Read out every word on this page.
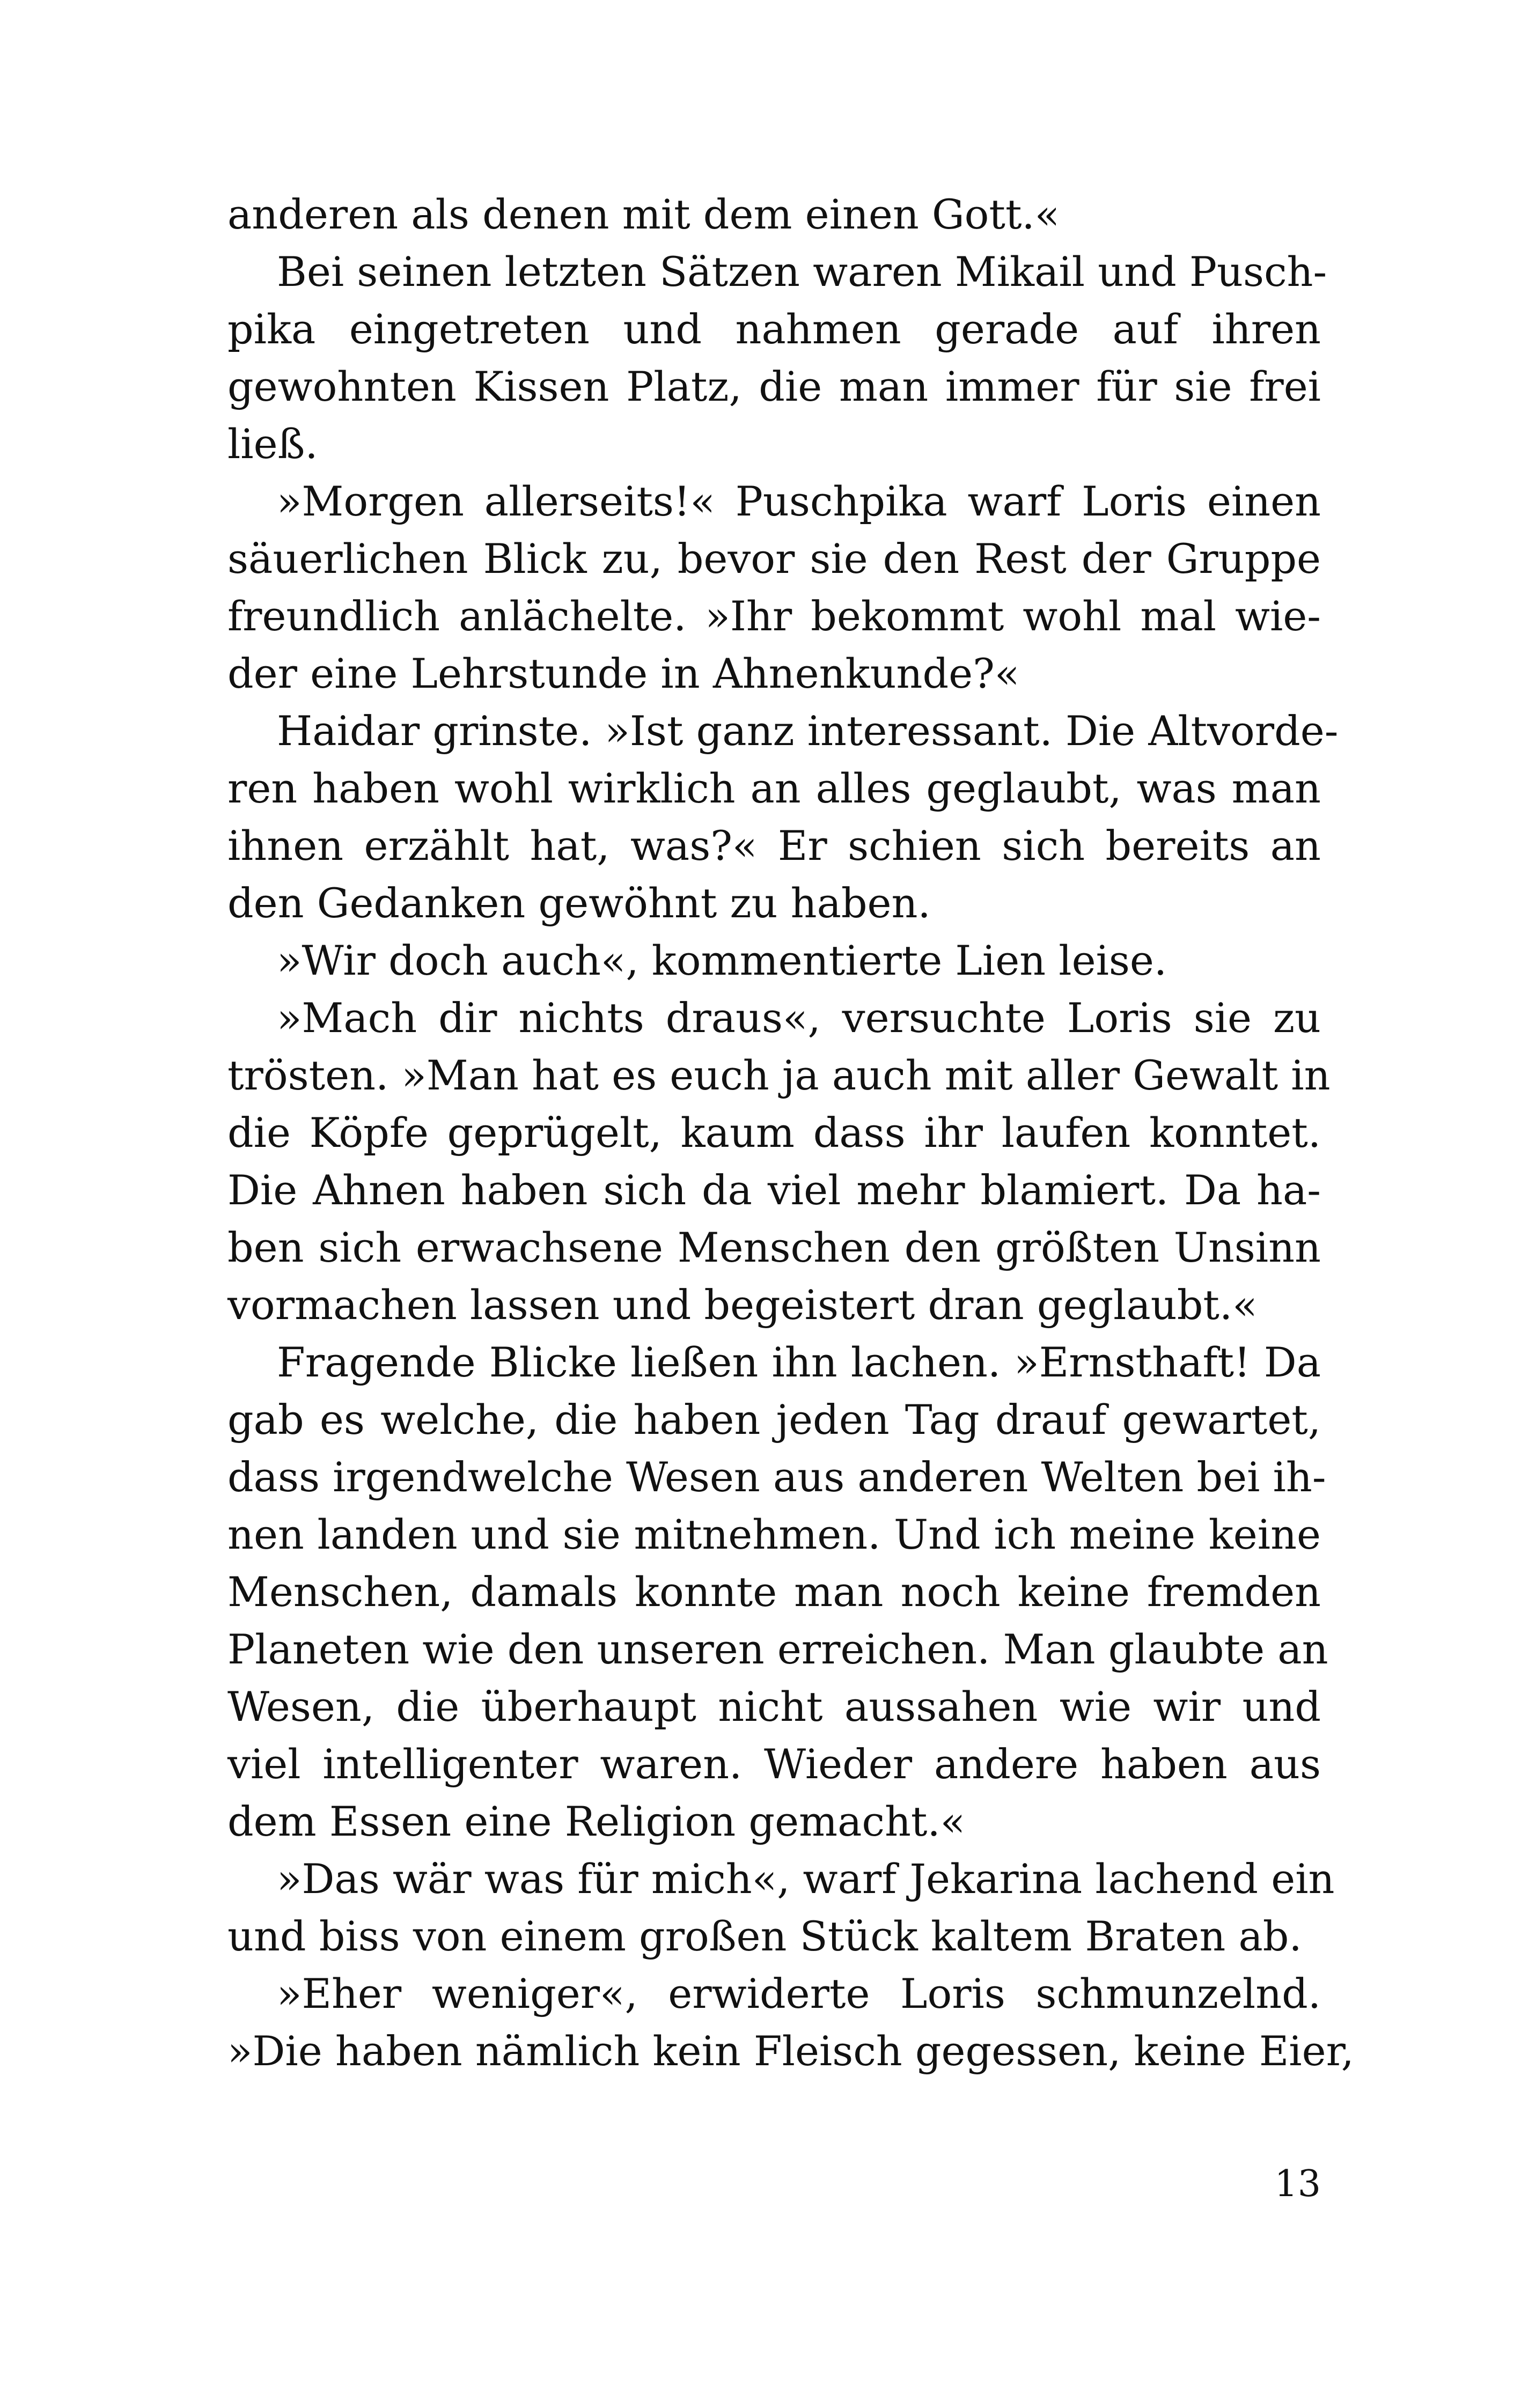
anderen als denen mit dem einen Gott.«
Bei seinen letzten Sätzen waren Mikail und Pusch-
pika eingetreten und nahmen gerade auf ihren
gewohnten Kissen Platz, die man immer für sie frei
ließ.
»Morgen allerseits!« Puschpika warf Loris einen
säuerlichen Blick zu, bevor sie den Rest der Gruppe
freundlich anlächelte. »Ihr bekommt wohl mal wie-
der eine Lehrstunde in Ahnenkunde?«
Haidar grinste. »Ist ganz interessant. Die Altvorde-
ren haben wohl wirklich an alles geglaubt, was man
ihnen erzählt hat, was?« Er schien sich bereits an
den Gedanken gewöhnt zu haben.
»Wir doch auch«, kommentierte Lien leise.
»Mach dir nichts draus«, versuchte Loris sie zu
trösten. »Man hat es euch ja auch mit aller Gewalt in
die Köpfe geprügelt, kaum dass ihr laufen konntet.
Die Ahnen haben sich da viel mehr blamiert. Da ha-
ben sich erwachsene Menschen den größten Unsinn
vormachen lassen und begeistert dran geglaubt.«
Fragende Blicke ließen ihn lachen. »Ernsthaft! Da
gab es welche, die haben jeden Tag drauf gewartet,
dass irgendwelche Wesen aus anderen Welten bei ih-
nen landen und sie mitnehmen. Und ich meine keine
Menschen, damals konnte man noch keine fremden
Planeten wie den unseren erreichen. Man glaubte an
Wesen, die überhaupt nicht aussahen wie wir und
viel intelligenter waren. Wieder andere haben aus
dem Essen eine Religion gemacht.«
»Das wär was für mich«, warf Jekarina lachend ein
und biss von einem großen Stück kaltem Braten ab.
»Eher weniger«, erwiderte Loris schmunzelnd.
»Die haben nämlich kein Fleisch gegessen, keine Eier,
13
